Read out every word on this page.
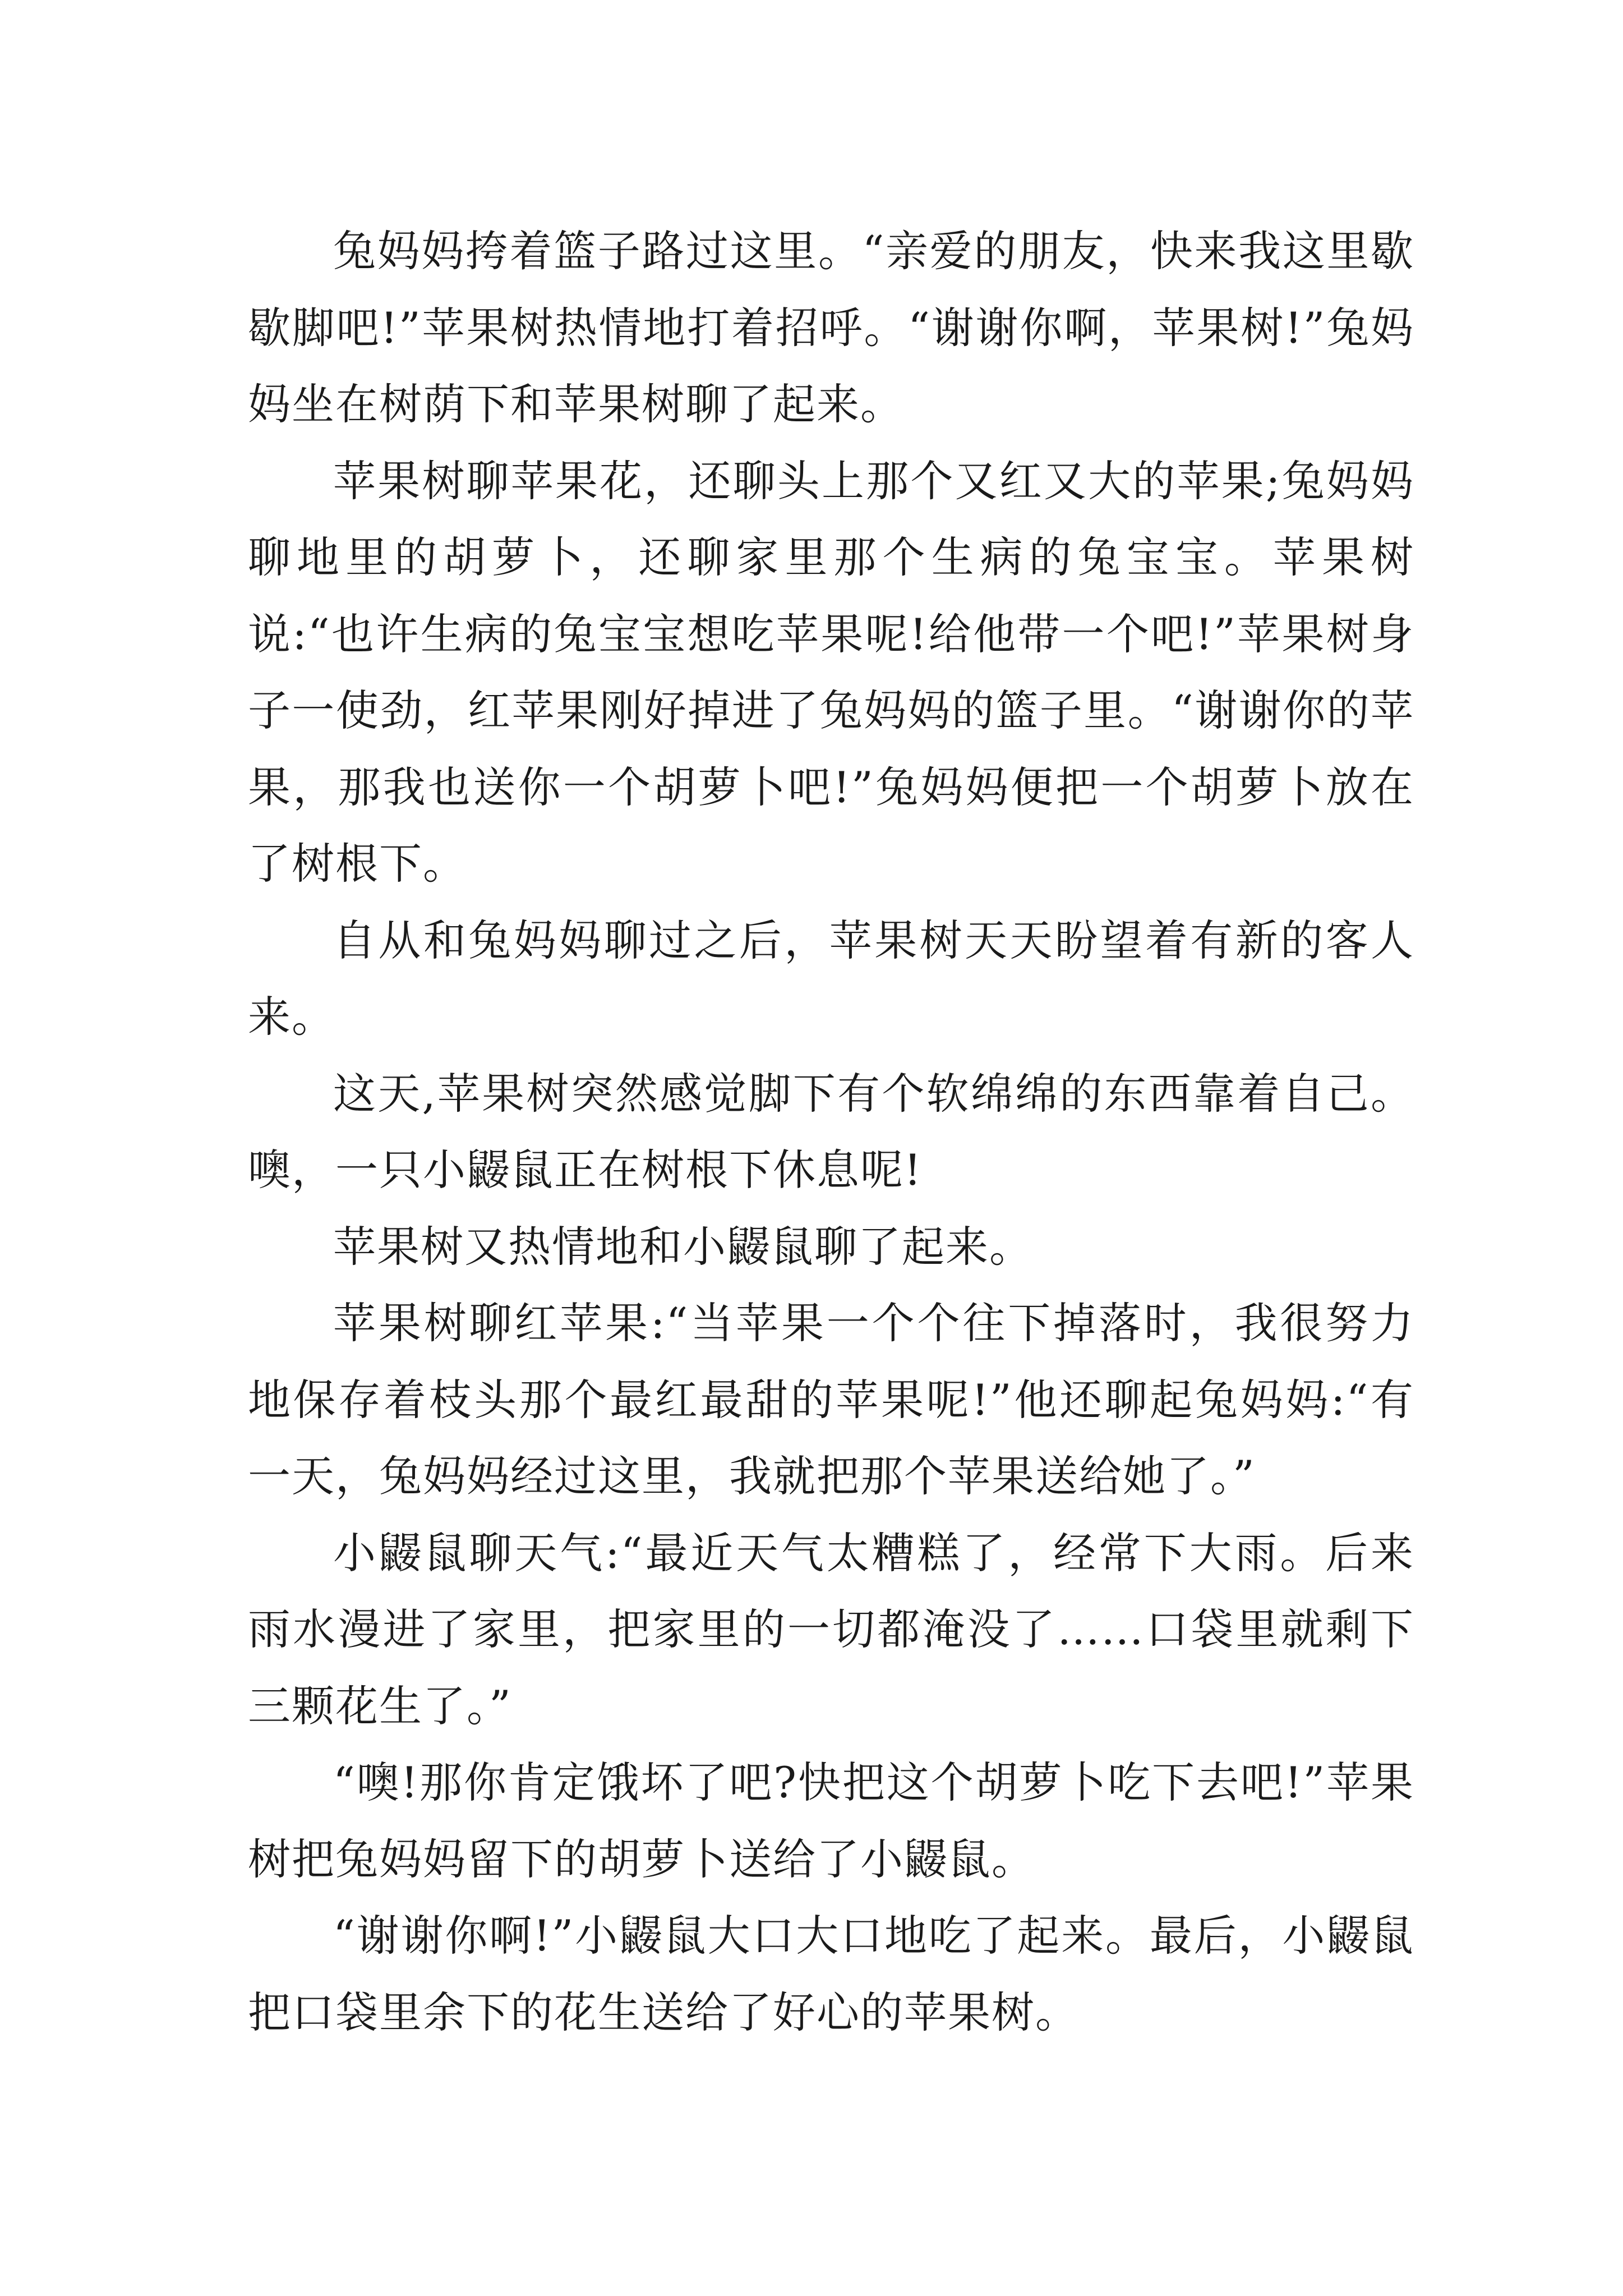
兔妈妈挎着篮子路过这里。“亲爱的朋友，快来我这里歇歇脚吧!”苹果树热情地打着招呼。“谢谢你啊，苹果树!”兔妈妈坐在树荫下和苹果树聊了起来。

苹果树聊苹果花，还聊头上那个又红又大的苹果;兔妈妈聊地里的胡萝卜，还聊家里那个生病的兔宝宝。苹果树说:“也许生病的兔宝宝想吃苹果呢!给他带一个吧!”苹果树身子一使劲，红苹果刚好掉进了兔妈妈的篮子里。“谢谢你的苹果，那我也送你一个胡萝卜吧!”兔妈妈便把一个胡萝卜放在了树根下。

自从和兔妈妈聊过之后，苹果树天天盼望着有新的客人来。

这天,苹果树突然感觉脚下有个软绵绵的东西靠着自己。噢，一只小鼹鼠正在树根下休息呢!

苹果树又热情地和小鼹鼠聊了起来。

苹果树聊红苹果:“当苹果一个个往下掉落时，我很努力地保存着枝头那个最红最甜的苹果呢!”他还聊起兔妈妈:“有一天，兔妈妈经过这里，我就把那个苹果送给她了。”

小鼹鼠聊天气:“最近天气太糟糕了，经常下大雨。后来雨水漫进了家里，把家里的一切都淹没了……口袋里就剩下三颗花生了。”

“噢!那你肯定饿坏了吧?快把这个胡萝卜吃下去吧!”苹果树把兔妈妈留下的胡萝卜送给了小鼹鼠。

“谢谢你啊!”小鼹鼠大口大口地吃了起来。最后，小鼹鼠把口袋里余下的花生送给了好心的苹果树。
